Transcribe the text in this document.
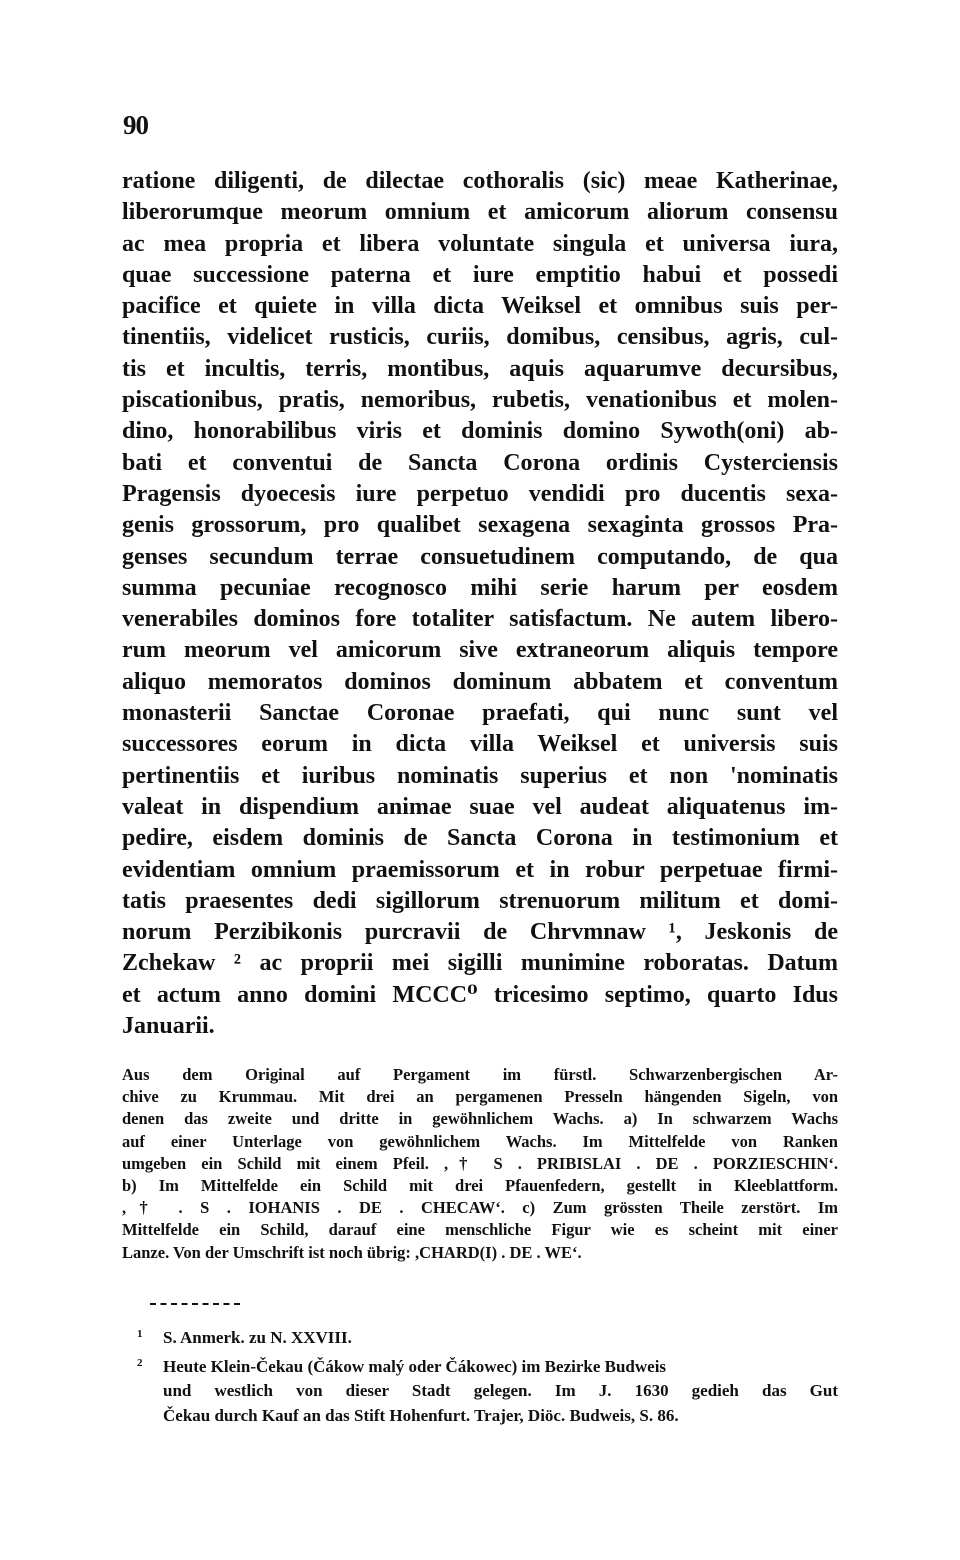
90
ratione diligenti, de dilectae cothoralis (sic) meae Katherinae,
liberorumque meorum omnium et amicorum aliorum consensu
ac mea propria et libera voluntate singula et universa iura,
quae successione paterna et iure emptitio habui et possedi
pacifice et quiete in villa dicta Weiksel et omnibus suis per-
tinentiis, videlicet rusticis, curiis, domibus, censibus, agris, cul-
tis et incultis, terris, montibus, aquis aquarumve decursibus,
piscationibus, pratis, nemoribus, rubetis, venationibus et molen-
dino, honorabilibus viris et dominis domino Sywoth(oni) ab-
bati et conventui de Sancta Corona ordinis Cysterciensis
Pragensis dyoecesis iure perpetuo vendidi pro ducentis sexa-
genis grossorum, pro qualibet sexagena sexaginta grossos Pra-
genses secundum terrae consuetudinem computando, de qua
summa pecuniae recognosco mihi serie harum per eosdem
venerabiles dominos fore totaliter satisfactum. Ne autem libero-
rum meorum vel amicorum sive extraneorum aliquis tempore
aliquo memoratos dominos dominum abbatem et conventum
monasterii Sanctae Coronae praefati, qui nunc sunt vel
successores eorum in dicta villa Weiksel et universis suis
pertinentiis et iuribus nominatis superius et non 'nominatis
valeat in dispendium animae suae vel audeat aliquatenus im-
pedire, eisdem dominis de Sancta Corona in testimonium et
evidentiam omnium praemissorum et in robur perpetuae firmi-
tatis praesentes dedi sigillorum strenuorum militum et domi-
norum Perzibikonis purcravii de Chrvmnaw ¹, Jeskonis de
Zchekaw ² ac proprii mei sigilli munimine roboratas. Datum
et actum anno domini MCCC⁰ tricesimo septimo, quarto Idus
Januarii.
Aus dem Original auf Pergament im fürstl. Schwarzenbergischen Ar-
chive zu Krummau. Mit drei an pergamenen Presseln hängenden Sigeln, von
denen das zweite und dritte in gewöhnlichem Wachs. a) In schwarzem Wachs
auf einer Unterlage von gewöhnlichem Wachs. Im Mittelfelde von Ranken
umgeben ein Schild mit einem Pfeil. ,† S . PRIBISLAI . DE . PORZIESCHIN‘.
b) Im Mittelfelde ein Schild mit drei Pfauenfedern, gestellt in Kleeblattform.
,† . S . IOHANIS . DE . CHECAW‘. c) Zum grössten Theile zerstört. Im
Mittelfelde ein Schild, darauf eine menschliche Figur wie es scheint mit einer
Lanze. Von der Umschrift ist noch übrig: ,CHARD(I) . DE . WE‘.
1 S. Anmerk. zu N. XXVIII.
2 Heute Klein-Čekau (Čákow malý oder Čákowec) im Bezirke Budweis
und westlich von dieser Stadt gelegen. Im J. 1630 gedieh das Gut
Čekau durch Kauf an das Stift Hohenfurt. Trajer, Diöc. Budweis, S. 86.
